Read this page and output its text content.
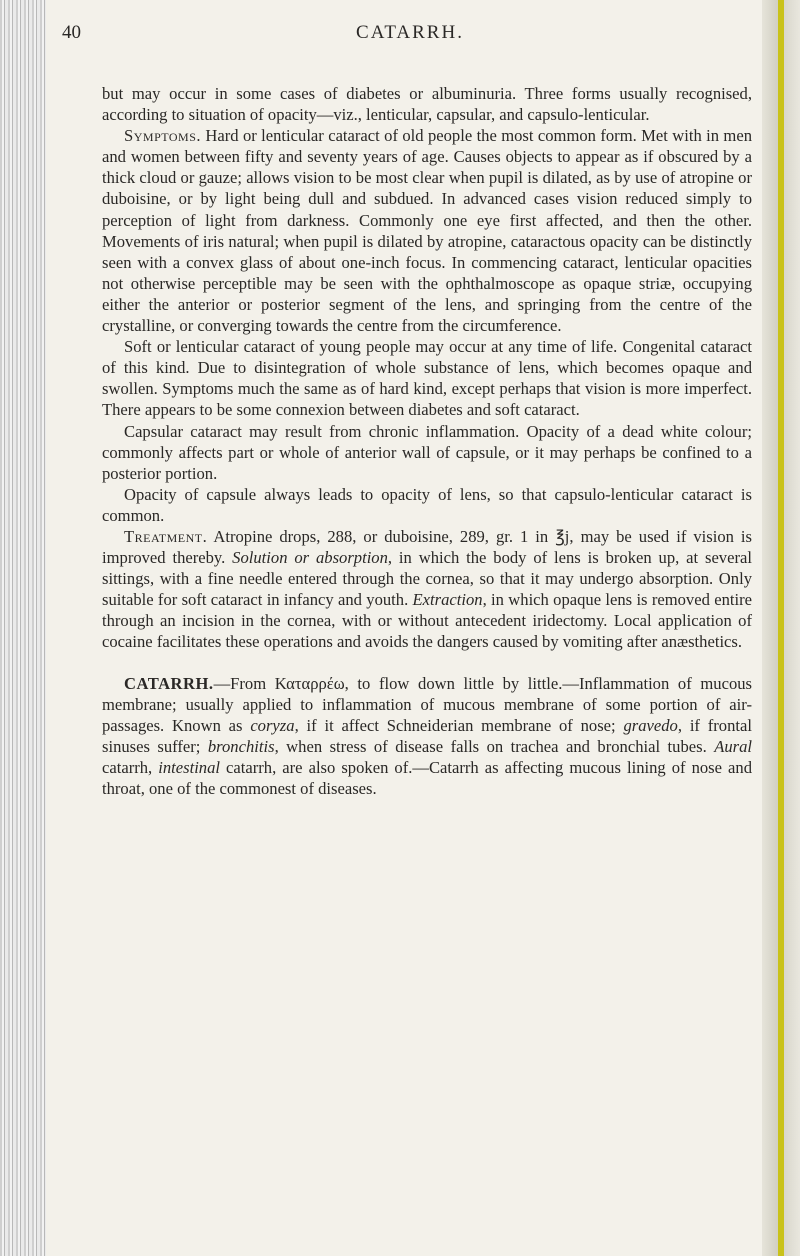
40	CATARRH.

but may occur in some cases of diabetes or albuminuria. Three forms usually recognised, according to situation of opacity—viz., lenticular, capsular, and capsulo-lenticular.

Symptoms. Hard or lenticular cataract of old people the most common form. Met with in men and women between fifty and seventy years of age. Causes objects to appear as if obscured by a thick cloud or gauze; allows vision to be most clear when pupil is dilated, as by use of atropine or duboisine, or by light being dull and subdued. In advanced cases vision reduced simply to perception of light from darkness. Commonly one eye first affected, and then the other. Movements of iris natural; when pupil is dilated by atropine, cataractous opacity can be distinctly seen with a convex glass of about one-inch focus. In commencing cataract, lenticular opacities not otherwise perceptible may be seen with the ophthalmoscope as opaque striæ, occupying either the anterior or posterior segment of the lens, and springing from the centre of the crystalline, or converging towards the centre from the circumference.

Soft or lenticular cataract of young people may occur at any time of life. Congenital cataract of this kind. Due to disintegration of whole substance of lens, which becomes opaque and swollen. Symptoms much the same as of hard kind, except perhaps that vision is more imperfect. There appears to be some connexion between diabetes and soft cataract.

Capsular cataract may result from chronic inflammation. Opacity of a dead white colour; commonly affects part or whole of anterior wall of capsule, or it may perhaps be confined to a posterior portion.

Opacity of capsule always leads to opacity of lens, so that capsulo-lenticular cataract is common.

Treatment. Atropine drops, 288, or duboisine, 289, gr. 1 in ℥j, may be used if vision is improved thereby. Solution or absorption, in which the body of lens is broken up, at several sittings, with a fine needle entered through the cornea, so that it may undergo absorption. Only suitable for soft cataract in infancy and youth. Extraction, in which opaque lens is removed entire through an incision in the cornea, with or without antecedent iridectomy. Local application of cocaine facilitates these operations and avoids the dangers caused by vomiting after anæsthetics.

CATARRH.—From Καταρρέω, to flow down little by little.—Inflammation of mucous membrane; usually applied to inflammation of mucous membrane of some portion of air-passages. Known as coryza, if it affect Schneiderian membrane of nose; gravedo, if frontal sinuses suffer; bronchitis, when stress of disease falls on trachea and bronchial tubes. Aural catarrh, intestinal catarrh, are also spoken of.—Catarrh as affecting mucous lining of nose and throat, one of the commonest of diseases.
